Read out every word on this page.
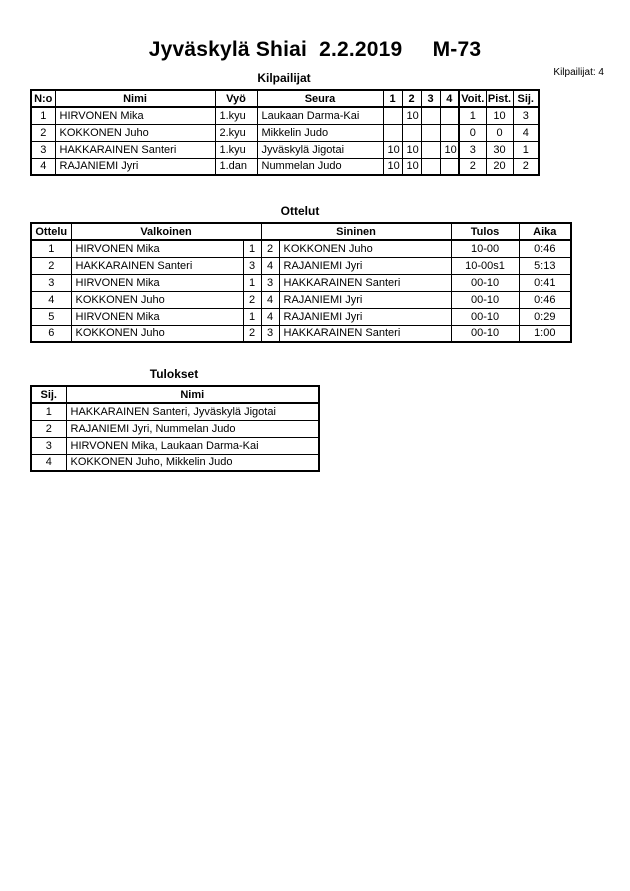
Kilpailijat: 4
Jyväskylä Shiai  2.2.2019     M-73
Kilpailijat
N:o	Nimi	Vyö	Seura	1	2	3	4	Voit.	Pist.	Sij.
1	HIRVONEN Mika	1.kyu	Laukaan Darma-Kai		10			1	10	3
2	KOKKONEN Juho	2.kyu	Mikkelin Judo					0	0	4
3	HAKKARAINEN Santeri	1.kyu	Jyväskylä Jigotai	10	10		10	3	30	1
4	RAJANIEMI Jyri	1.dan	Nummelan Judo	10	10			2	20	2
Ottelut
Ottelu	Valkoinen		Sininen		Tulos	Aika
1	HIRVONEN Mika	1	2	KOKKONEN Juho	10-00	0:46
2	HAKKARAINEN Santeri	3	4	RAJANIEMI Jyri	10-00s1	5:13
3	HIRVONEN Mika	1	3	HAKKARAINEN Santeri	00-10	0:41
4	KOKKONEN Juho	2	4	RAJANIEMI Jyri	00-10	0:46
5	HIRVONEN Mika	1	4	RAJANIEMI Jyri	00-10	0:29
6	KOKKONEN Juho	2	3	HAKKARAINEN Santeri	00-10	1:00
Tulokset
Sij.	Nimi
1	HAKKARAINEN Santeri, Jyväskylä Jigotai
2	RAJANIEMI Jyri, Nummelan Judo
3	HIRVONEN Mika, Laukaan Darma-Kai
4	KOKKONEN Juho, Mikkelin Judo
